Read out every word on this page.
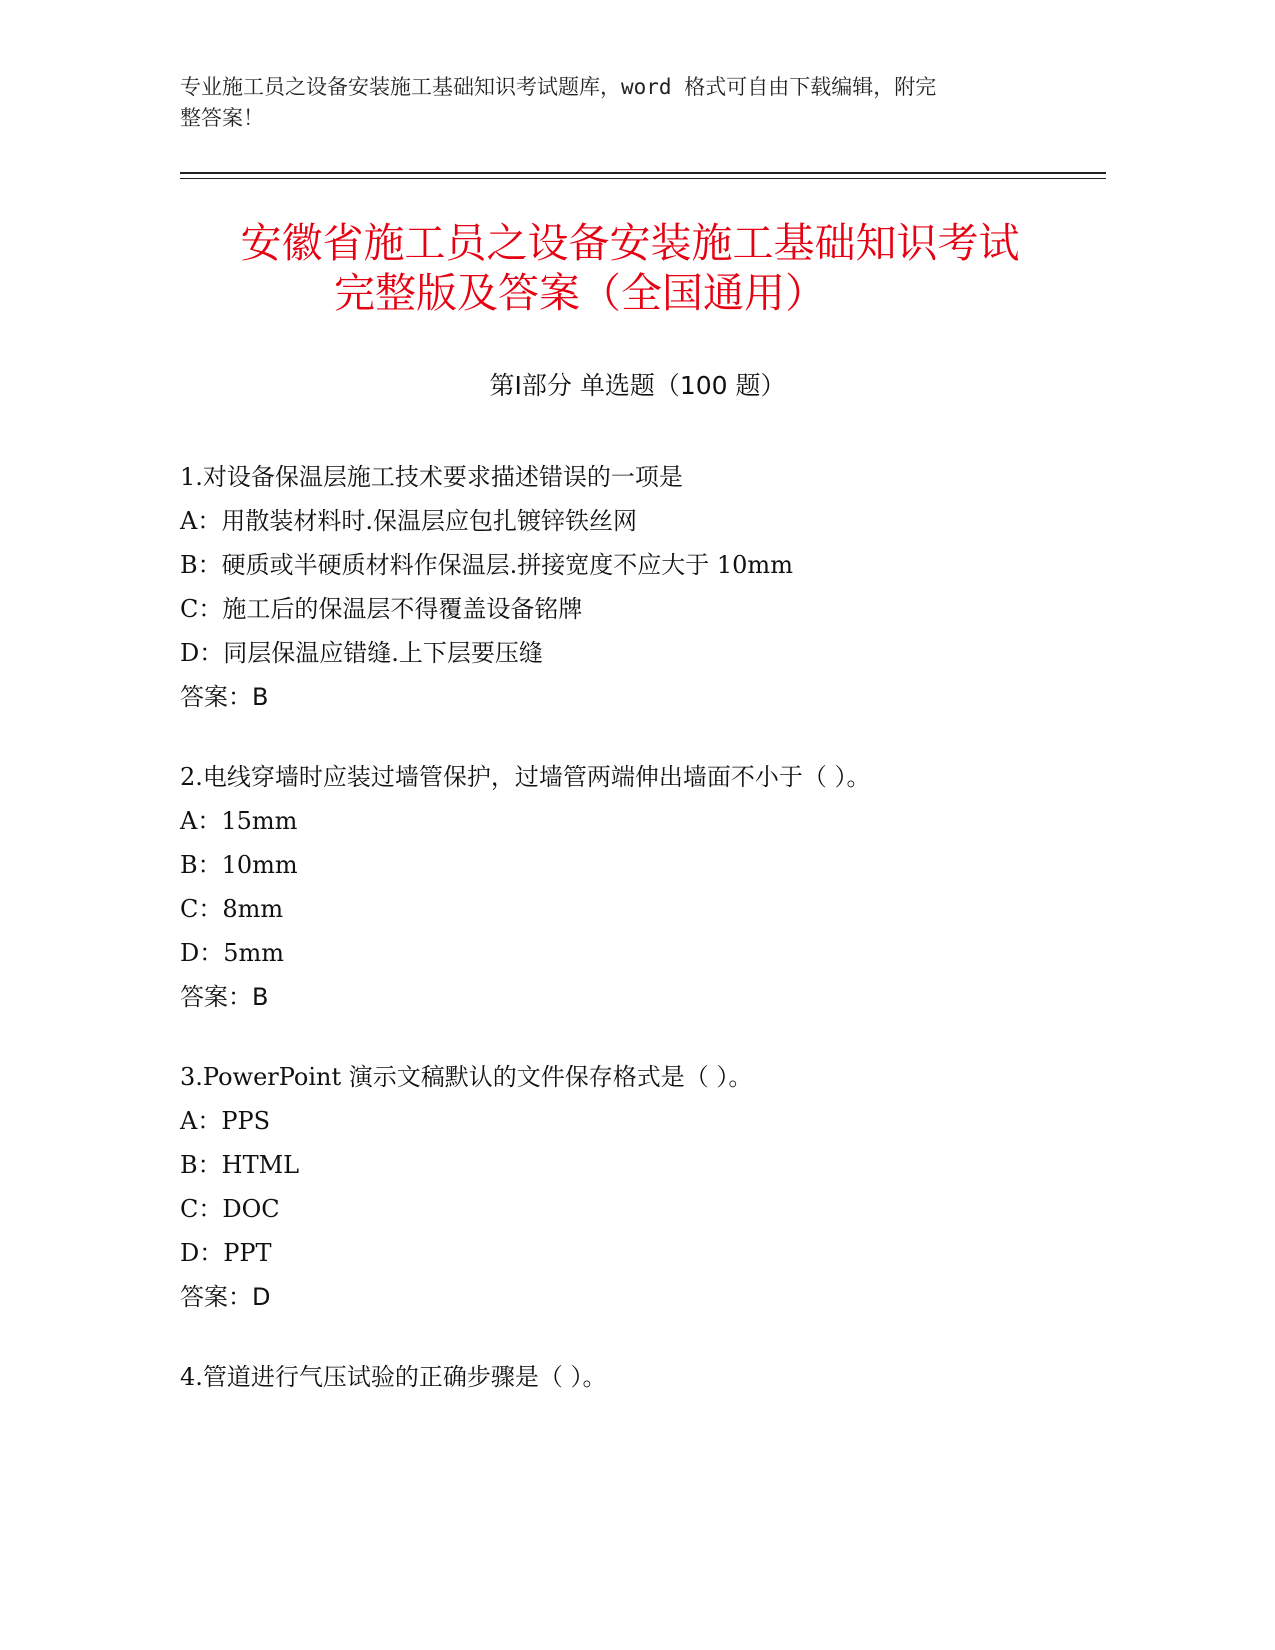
专业施工员之设备安装施工基础知识考试题库，word 格式可自由下载编辑，附完
整答案！
安徽省施工员之设备安装施工基础知识考试
完整版及答案（全国通用）
第Ⅰ部分 单选题（100 题）
1.对设备保温层施工技术要求描述错误的一项是
A：用散装材料时.保温层应包扎镀锌铁丝网
B：硬质或半硬质材料作保温层.拼接宽度不应大于 10mm
C：施工后的保温层不得覆盖设备铭牌
D：同层保温应错缝.上下层要压缝
答案：B
2.电线穿墙时应装过墙管保护，过墙管两端伸出墙面不小于（ ）。
A：15mm
B：10mm
C：8mm
D：5mm
答案：B
3.PowerPoint 演示文稿默认的文件保存格式是（ ）。
A：PPS
B：HTML
C：DOC
D：PPT
答案：D
4.管道进行气压试验的正确步骤是（ ）。
